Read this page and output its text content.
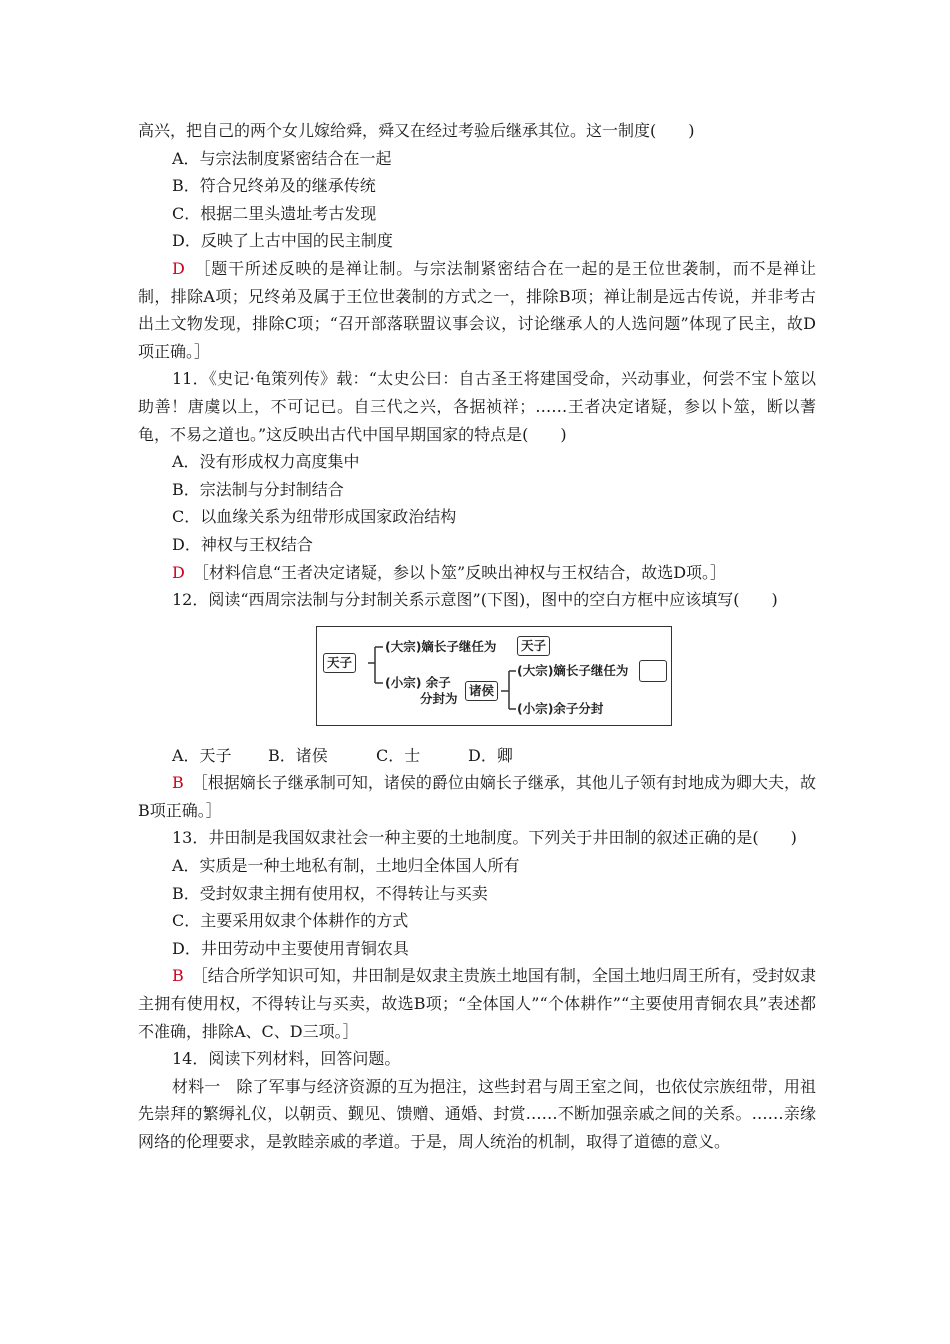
高兴，把自己的两个女儿嫁给舜，舜又在经过考验后继承其位。这一制度(　　)

A．与宗法制度紧密结合在一起

B．符合兄终弟及的继承传统

C．根据二里头遗址考古发现

D．反映了上古中国的民主制度

D　 ［题干所述反映的是禅让制。与宗法制紧密结合在一起的是王位世袭制，而不是禅让制，排除A项；兄终弟及属于王位世袭制的方式之一，排除B项；禅让制是远古传说，并非考古出土文物发现，排除C项；“召开部落联盟议事会议，讨论继承人的人选问题”体现了民主，故D项正确。］

11．《史记·龟策列传》载：“太史公曰：自古圣王将建国受命，兴动事业，何尝不宝卜筮以助善！唐虞以上，不可记已。自三代之兴，各据祯祥；……王者决定诸疑，参以卜筮，断以蓍龟，不易之道也。”这反映出古代中国早期国家的特点是(　　)

A．没有形成权力高度集中

B．宗法制与分封制结合

C．以血缘关系为纽带形成国家政治结构

D．神权与王权结合

D　 ［材料信息“王者决定诸疑，参以卜筮”反映出神权与王权结合，故选D项。］

12．阅读“西周宗法制与分封制关系示意图”(下图)，图中的空白方框中应该填写(　　)

天子
(大宗)嫡长子继任为	天子
(小宗) 余子
分封为
诸侯
(大宗)嫡长子继任为
(小宗)余子分封

A．天子 B．诸侯	C．士	D．卿

B　 ［根据嫡长子继承制可知，诸侯的爵位由嫡长子继承，其他儿子领有封地成为卿大夫，故B项正确。］

13．井田制是我国奴隶社会一种主要的土地制度。下列关于井田制的叙述正确的是(　　)

A．实质是一种土地私有制，土地归全体国人所有

B．受封奴隶主拥有使用权，不得转让与买卖

C．主要采用奴隶个体耕作的方式

D．井田劳动中主要使用青铜农具

B　 ［结合所学知识可知，井田制是奴隶主贵族土地国有制，全国土地归周王所有，受封奴隶主拥有使用权，不得转让与买卖，故选B项；“全体国人”“个体耕作”“主要使用青铜农具”表述都不准确，排除A、C、D三项。］

14．阅读下列材料，回答问题。

材料一　除了军事与经济资源的互为挹注，这些封君与周王室之间，也依仗宗族纽带，用祖先崇拜的繁缛礼仪，以朝贡、觐见、馈赠、通婚、封赏……不断加强亲戚之间的关系。……亲缘网络的伦理要求，是敦睦亲戚的孝道。于是，周人统治的机制，取得了道德的意义。
